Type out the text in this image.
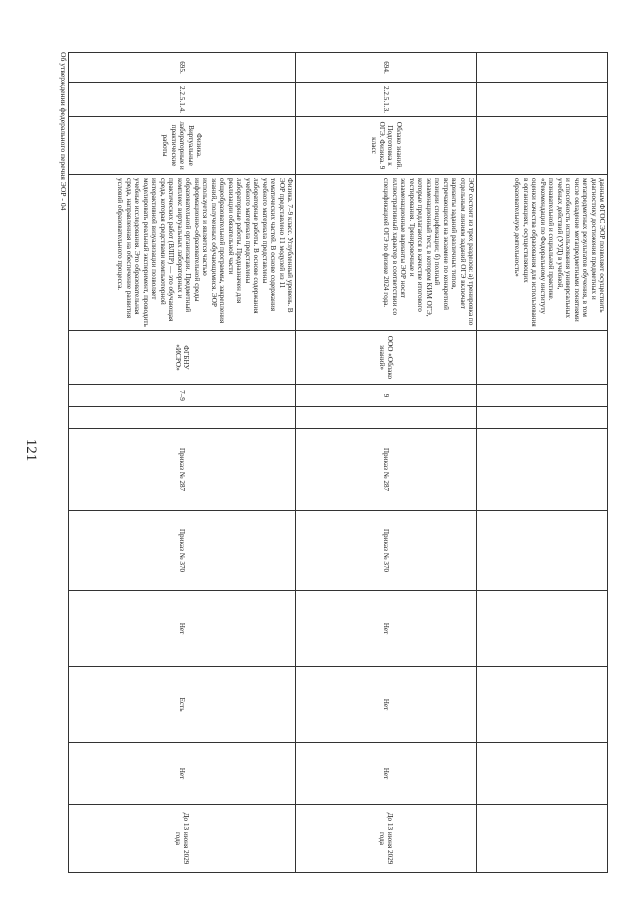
121
			данным ФГОС ЭОР позволяет осуществить диагностику достижения предметных и метапредметных результатов обучения, в том числе овладение метапредметными понятиями и способность использования универсальных учебных действий (УУД) в учебной, познавательной и социальной практике. «Рекомендации по Федеральному институту оценки качества образования для использования в организациях, осуществляющих образовательную деятельность»									
694.	2.2.5.1.3.	Облако знаний. Подготовка к ОГЭ. Физика. 9 класс	ЭОР состоит из трех разделов: а) тренировка по отдельным линиям заданий ОГЭ включает варианты заданий различных типов, встречающихся на экзамене по конкретной позиции спецификации; б) полный экзаменационный тест, в котором КИМ ОГЭ, которые предлагаются в качестве итогового тестирования. Тренировочные и экзаменационные варианты ЭОР носят иллюстративный характер в соответствии со спецификацией ОГЭ по физике 2024 года.	ООО «Облако знаний»	9		Приказ № 287	Приказ № 370	Нет	Нет	Нет	До 13 июня 2029 года
695.	2.2.5.1.4.	Физика. Виртуальные лабораторные и практические работы	Физика. 7–9 класс. Углубленный уровень. В ЭОР представлено 11 модулей из 11 тематических частей. В основе содержания учебного материала представлены лабораторные работы. В основе содержания учебного материала представлены лабораторные работы. Предназначен для реализации обязательной части общеобразовательной программы, закрепления знаний, полученных обучающимися. ЭОР используется и является частью информационно-образовательной среды образовательной организации. Предметный комплекс виртуальных лабораторных и практических работ (ВЛПР) — это обучающая среда, которая средствами компьютерной интерактивной визуализации позволяет моделировать реальный эксперимент, проводить учебные исследования. Это образовательная среда, направленная на обеспечение развития условий образовательного процесса.	ФГБНУ «ИСРО»	7–9		Приказ № 287	Приказ № 370	Нет	Есть	Нет	До 13 июня 2029 года
Об утверждении федерального перечня ЭОР - 04
